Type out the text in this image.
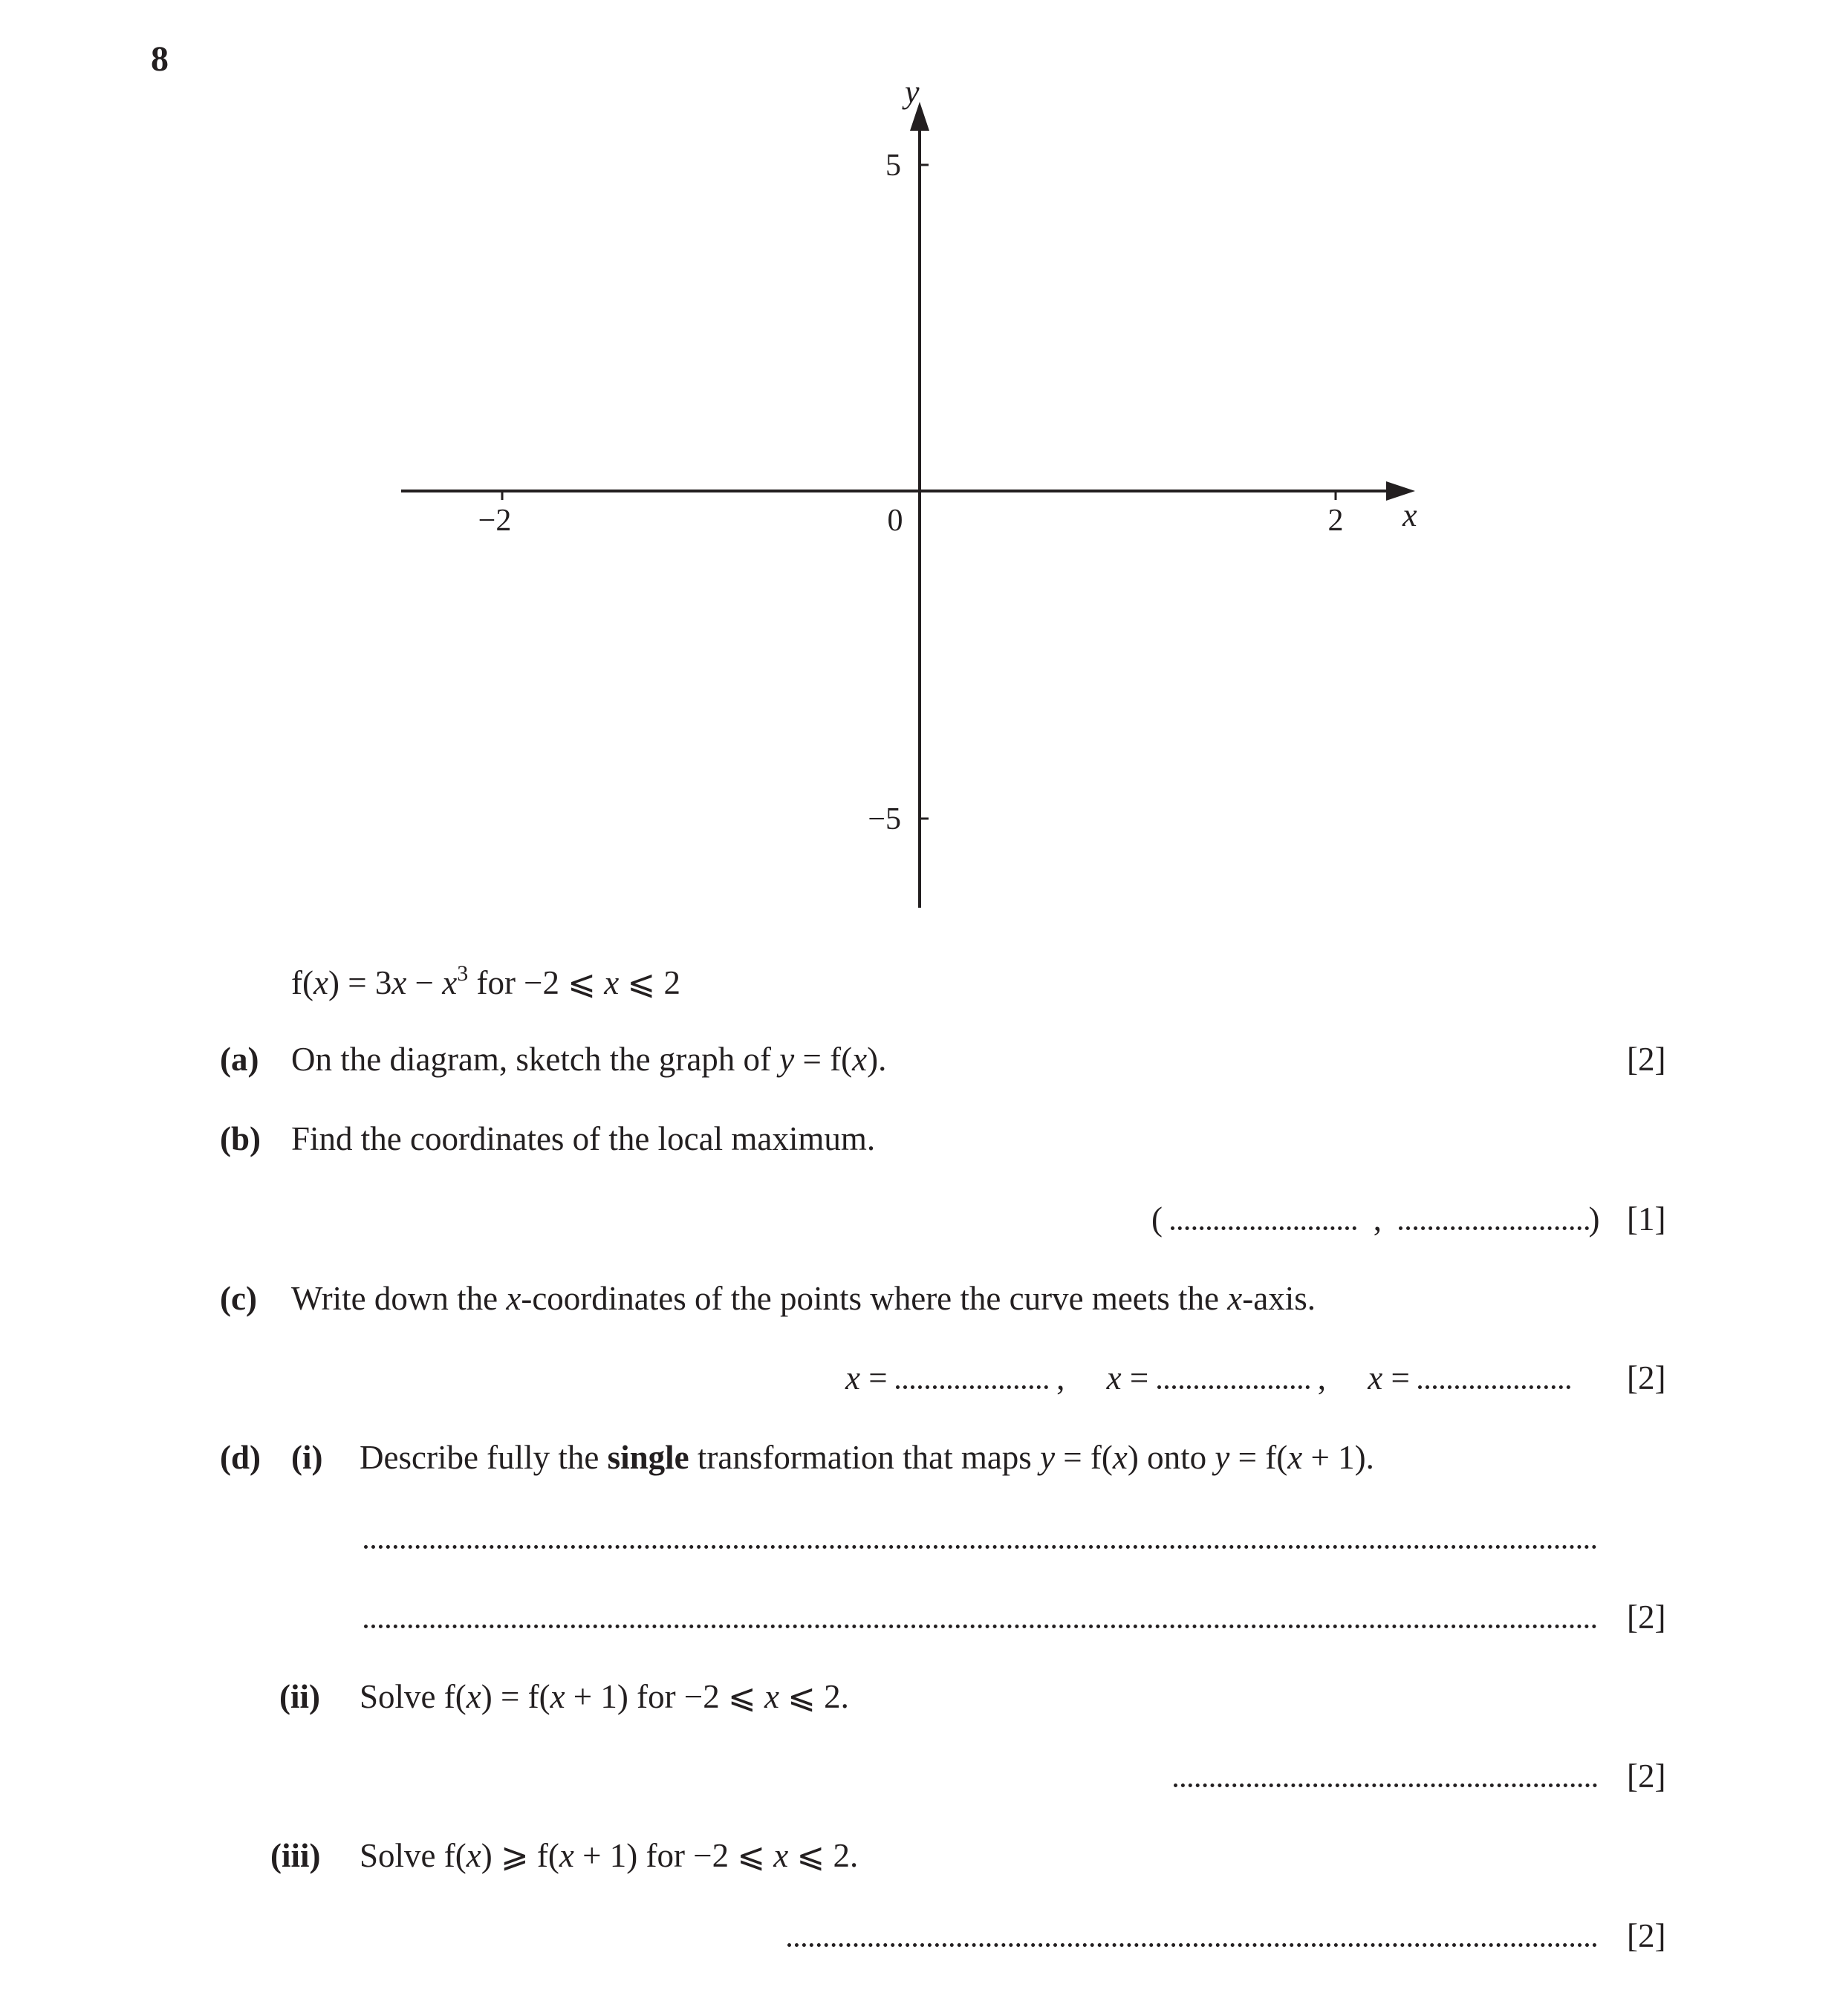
8
y
x
5
−5
−2	2
0
$f(x) = 3x - x^3$ for −2 ⩽ x ⩽ 2
(a) On the diagram, sketch the graph of y = f(x).	[2]
(b) Find the coordinates of the local maximum.
(	,	) [1]
(c) Write down the x-coordinates of the points where the curve meets the x-axis.
x =	, x =	, x =	[2]
(d) (i) Describe fully the single transformation that maps y = f(x) onto y = f(x + 1).
[2]
(ii) Solve f(x) = f(x + 1) for −2 ⩽ x ⩽ 2.
[2]
(iii) Solve f(x) ⩾ f(x + 1) for −2 ⩽ x ⩽ 2.
[2]
